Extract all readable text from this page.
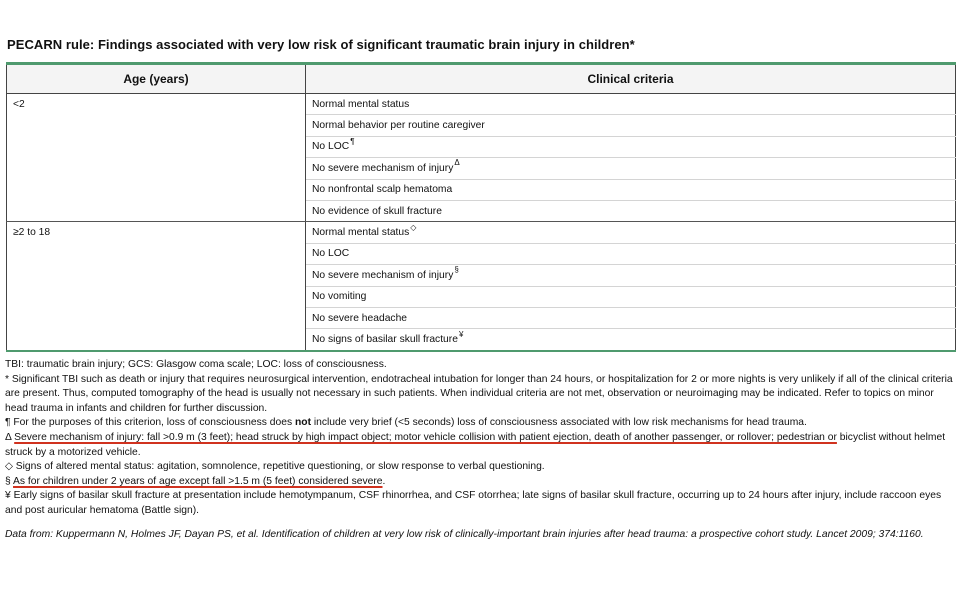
PECARN rule: Findings associated with very low risk of significant traumatic brain injury in children*
Age (years)	Clinical criteria
<2	Normal mental status
	Normal behavior per routine caregiver
	No LOC¶
	No severe mechanism of injury$^\Delta$
	No nonfrontal scalp hematoma
	No evidence of skull fracture
≥2 to 18	Normal mental status◇
	No LOC
	No severe mechanism of injury§
	No vomiting
	No severe headache
	No signs of basilar skull fracture¥

TBI: traumatic brain injury; GCS: Glasgow coma scale; LOC: loss of consciousness.

* Significant TBI such as death or injury that requires neurosurgical intervention, endotracheal intubation for longer than 24 hours, or hospitalization for 2 or more nights is very unlikely if all of the clinical criteria are present. Thus, computed tomography of the head is usually not necessary in such patients. When individual criteria are not met, observation or neuroimaging may be indicated. Refer to topics on minor head trauma in infants and children for further discussion.

¶ For the purposes of this criterion, loss of consciousness does not include very brief (<5 seconds) loss of consciousness associated with low risk mechanisms for head trauma.

Δ Severe mechanism of injury: fall >0.9 m (3 feet); head struck by high impact object; motor vehicle collision with patient ejection, death of another passenger, or rollover; pedestrian or bicyclist without helmet struck by a motorized vehicle.

◇ Signs of altered mental status: agitation, somnolence, repetitive questioning, or slow response to verbal questioning.

§ As for children under 2 years of age except fall >1.5 m (5 feet) considered severe.

¥ Early signs of basilar skull fracture at presentation include hemotympanum, CSF rhinorrhea, and CSF otorrhea; late signs of basilar skull fracture, occurring up to 24 hours after injury, include raccoon eyes and post auricular hematoma (Battle sign).

Data from: Kuppermann N, Holmes JF, Dayan PS, et al. Identification of children at very low risk of clinically-important brain injuries after head trauma: a prospective cohort study. Lancet 2009; 374:1160.
